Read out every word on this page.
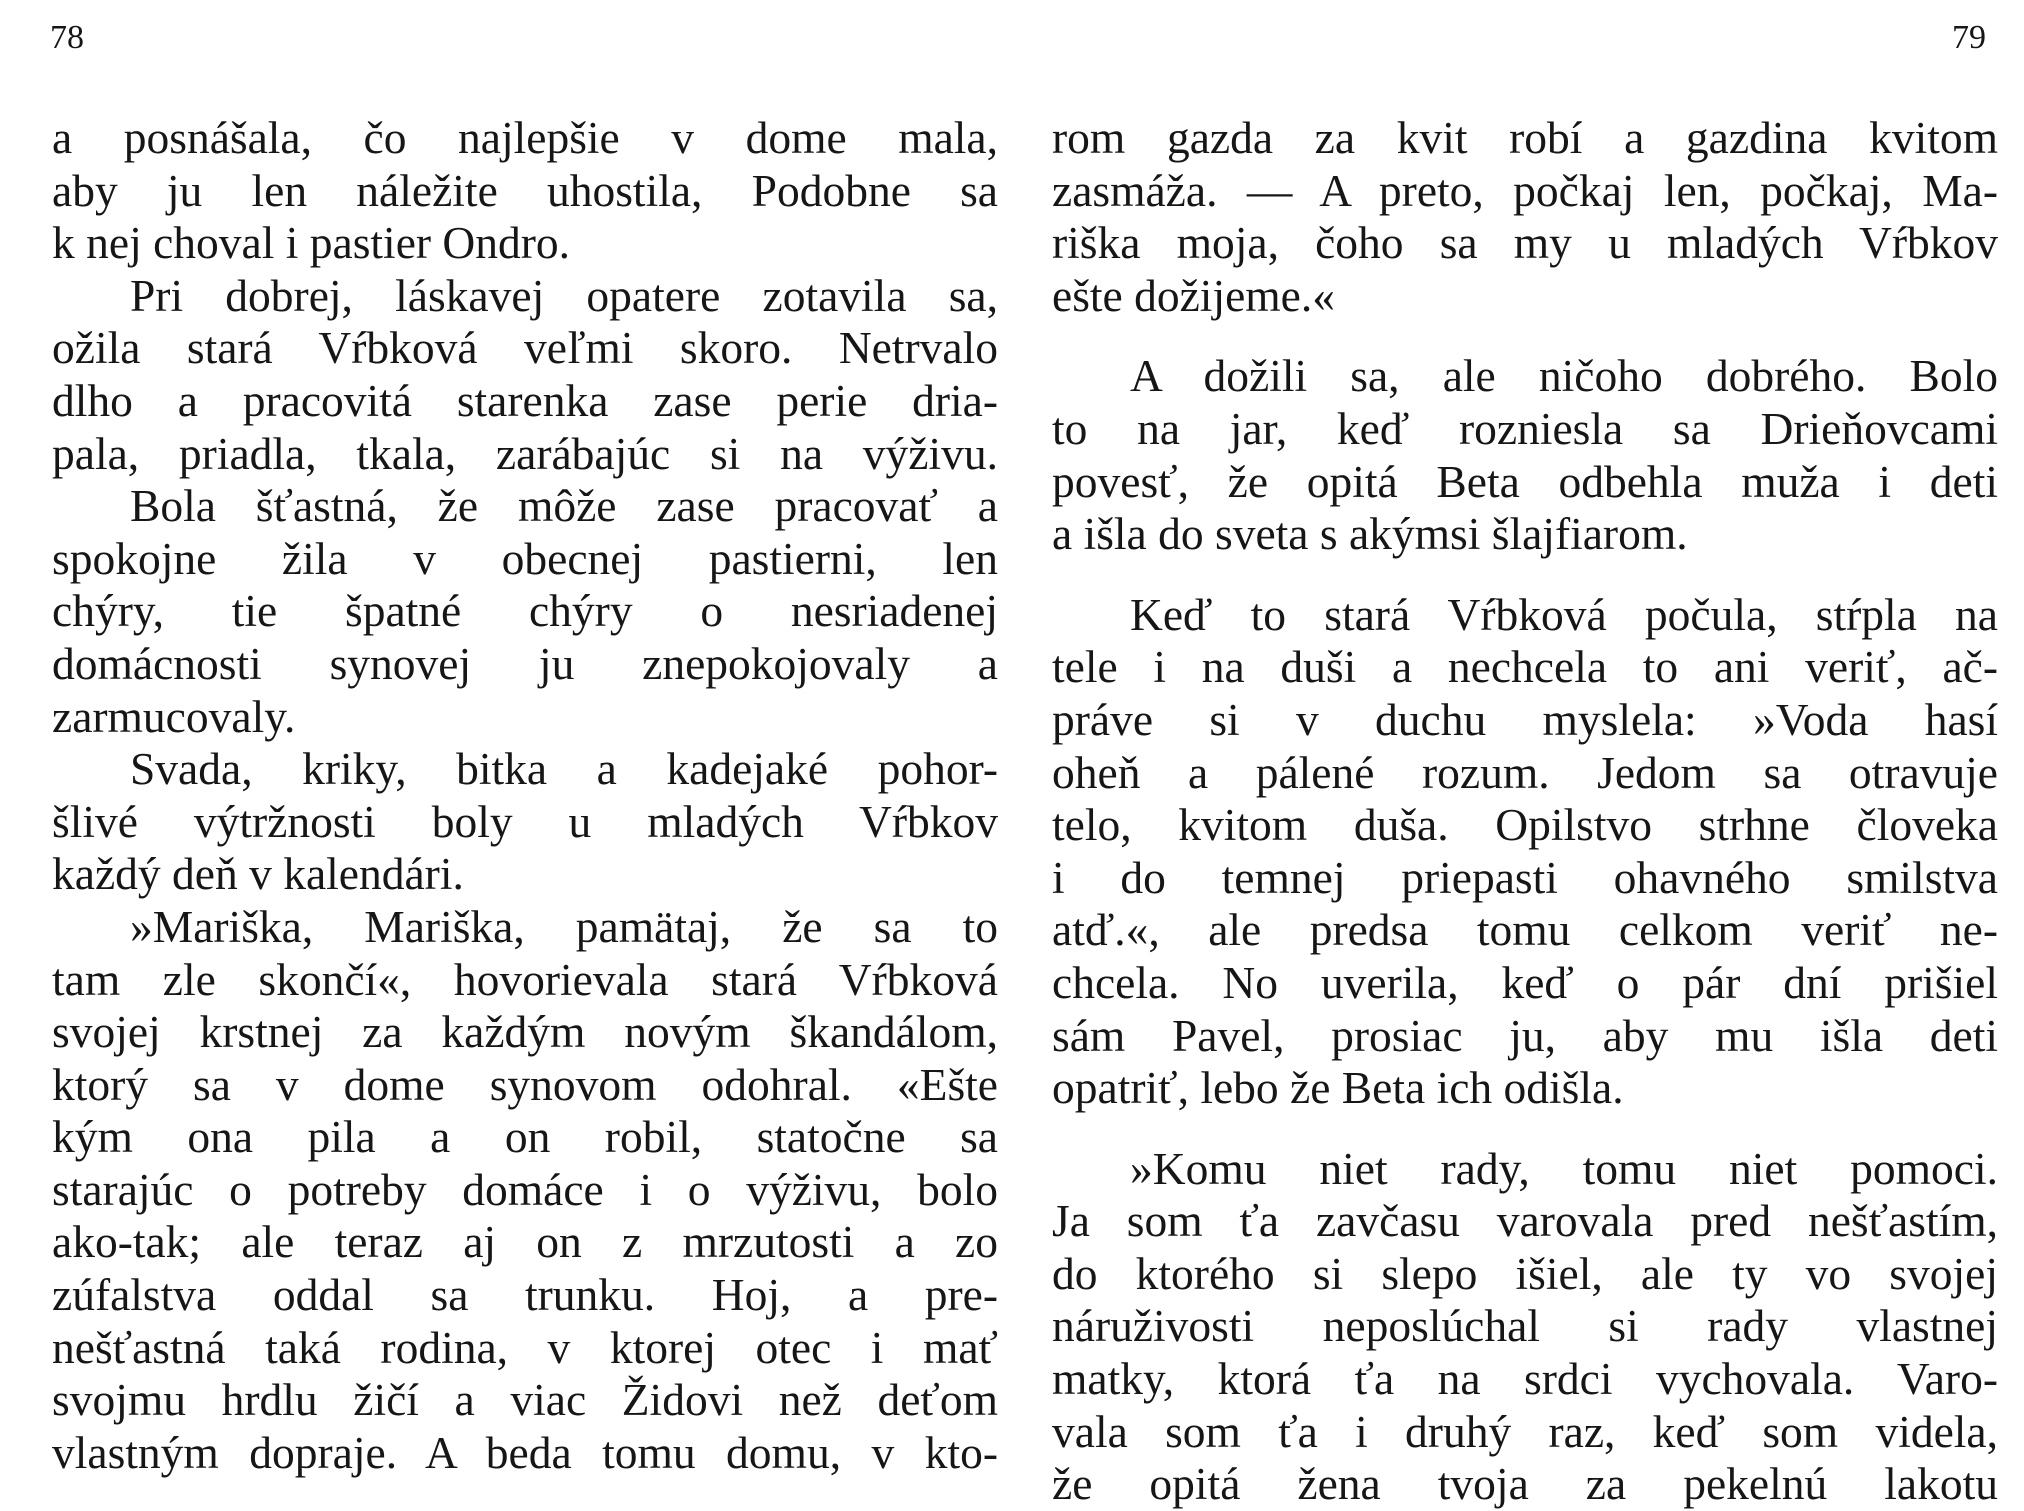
78	79
a posnášala, čo najlepšie v dome mala,
aby ju len náležite uhostila, Podobne sa
k nej choval i pastier Ondro.
Pri dobrej, láskavej opatere zotavila sa,
ožila stará Vŕbková veľmi skoro. Netrvalo
dlho a pracovitá starenka zase perie dria-
pala, priadla, tkala, zarábajúc si na výživu.
Bola šťastná, že môže zase pracovať a
spokojne žila v obecnej pastierni, len
chýry, tie špatné chýry o nesriadenej
domácnosti synovej ju znepokojovaly a
zarmucovaly.
Svada, kriky, bitka a kadejaké pohor-
šlivé výtržnosti boly u mladých Vŕbkov
každý deň v kalendári.
»Mariška, Mariška, pamätaj, že sa to
tam zle skončí«, hovorievala stará Vŕbková
svojej krstnej za každým novým škandálom,
ktorý sa v dome synovom odohral. «Ešte
kým ona pila a on robil, statočne sa
starajúc o potreby domáce i o výživu, bolo
ako-tak; ale teraz aj on z mrzutosti a zo
zúfalstva oddal sa trunku. Hoj, a pre-
nešťastná taká rodina, v ktorej otec i mať
svojmu hrdlu žičí a viac Židovi než deťom
vlastným dopraje. A beda tomu domu, v kto-
rom gazda za kvit robí a gazdina kvitom
zasmáža. — A preto, počkaj len, počkaj, Ma-
riška moja, čoho sa my u mladých Vŕbkov
ešte dožijeme.«
A dožili sa, ale ničoho dobrého. Bolo
to na jar, keď rozniesla sa Drieňovcami
povesť, že opitá Beta odbehla muža i deti
a išla do sveta s akýmsi šlajfiarom.
Keď to stará Vŕbková počula, stŕpla na
tele i na duši a nechcela to ani veriť, ač-
práve si v duchu myslela: »Voda hasí
oheň a pálené rozum. Jedom sa otravuje
telo, kvitom duša. Opilstvo strhne človeka
i do temnej priepasti ohavného smilstva
atď.«, ale predsa tomu celkom veriť ne-
chcela. No uverila, keď o pár dní prišiel
sám Pavel, prosiac ju, aby mu išla deti
opatriť, lebo že Beta ich odišla.
»Komu niet rady, tomu niet pomoci.
Ja som ťa zavčasu varovala pred nešťastím,
do ktorého si slepo išiel, ale ty vo svojej
náruživosti neposlúchal si rady vlastnej
matky, ktorá ťa na srdci vychovala. Varo-
vala som ťa i druhý raz, keď som videla,
že opitá žena tvoja za pekelnú lakotu
